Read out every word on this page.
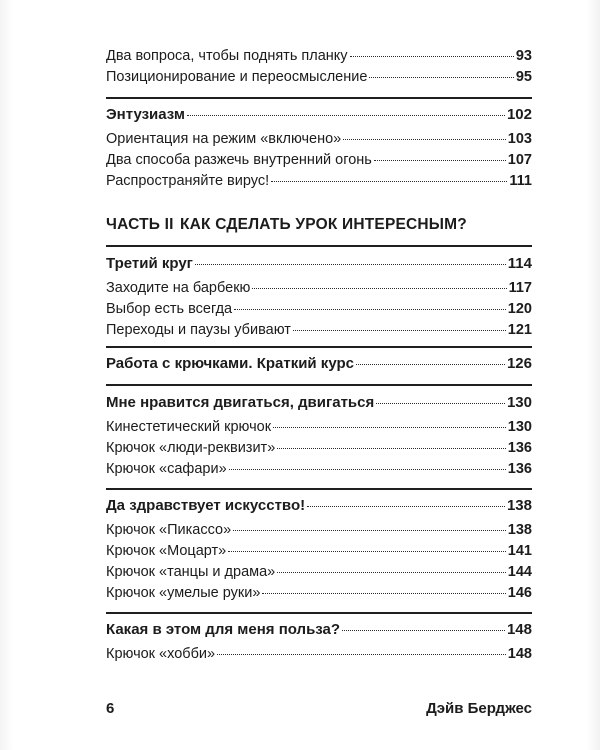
Два вопроса, чтобы поднять планку	93
Позиционирование и переосмысление	95
Энтузиазм	102
Ориентация на режим «включено»	103
Два способа разжечь внутренний огонь	107
Распространяйте вирус!	111
ЧАСТЬ II КАК СДЕЛАТЬ УРОК ИНТЕРЕСНЫМ?
Третий круг	114
Заходите на барбекю	117
Выбор есть всегда	120
Переходы и паузы убивают	121
Работа с крючками. Краткий курс	126
Мне нравится двигаться, двигаться	130
Кинестетический крючок	130
Крючок «люди-реквизит»	136
Крючок «сафари»	136
Да здравствует искусство!	138
Крючок «Пикассо»	138
Крючок «Моцарт»	141
Крючок «танцы и драма»	144
Крючок «умелые руки»	146
Какая в этом для меня польза?	148
Крючок «хобби»	148
6	Дэйв Берджес
